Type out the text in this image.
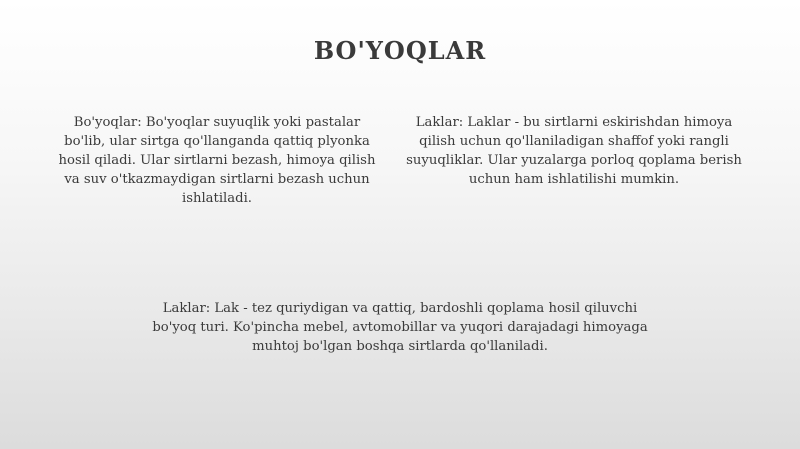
BO'YOQLAR
Bo'yoqlar: Bo'yoqlar suyuqlik yoki pastalar bo'lib, ular sirtga qo'llanganda qattiq plyonka hosil qiladi. Ular sirtlarni bezash, himoya qilish va suv o'tkazmaydigan sirtlarni bezash uchun ishlatiladi.
Laklar: Laklar - bu sirtlarni eskirishdan himoya qilish uchun qo'llaniladigan shaffof yoki rangli suyuqliklar. Ular yuzalarga porloq qoplama berish uchun ham ishlatilishi mumkin.
Laklar: Lak - tez quriydigan va qattiq, bardoshli qoplama hosil qiluvchi bo'yoq turi. Ko'pincha mebel, avtomobillar va yuqori darajadagi himoyaga muhtoj bo'lgan boshqa sirtlarda qo'llaniladi.
